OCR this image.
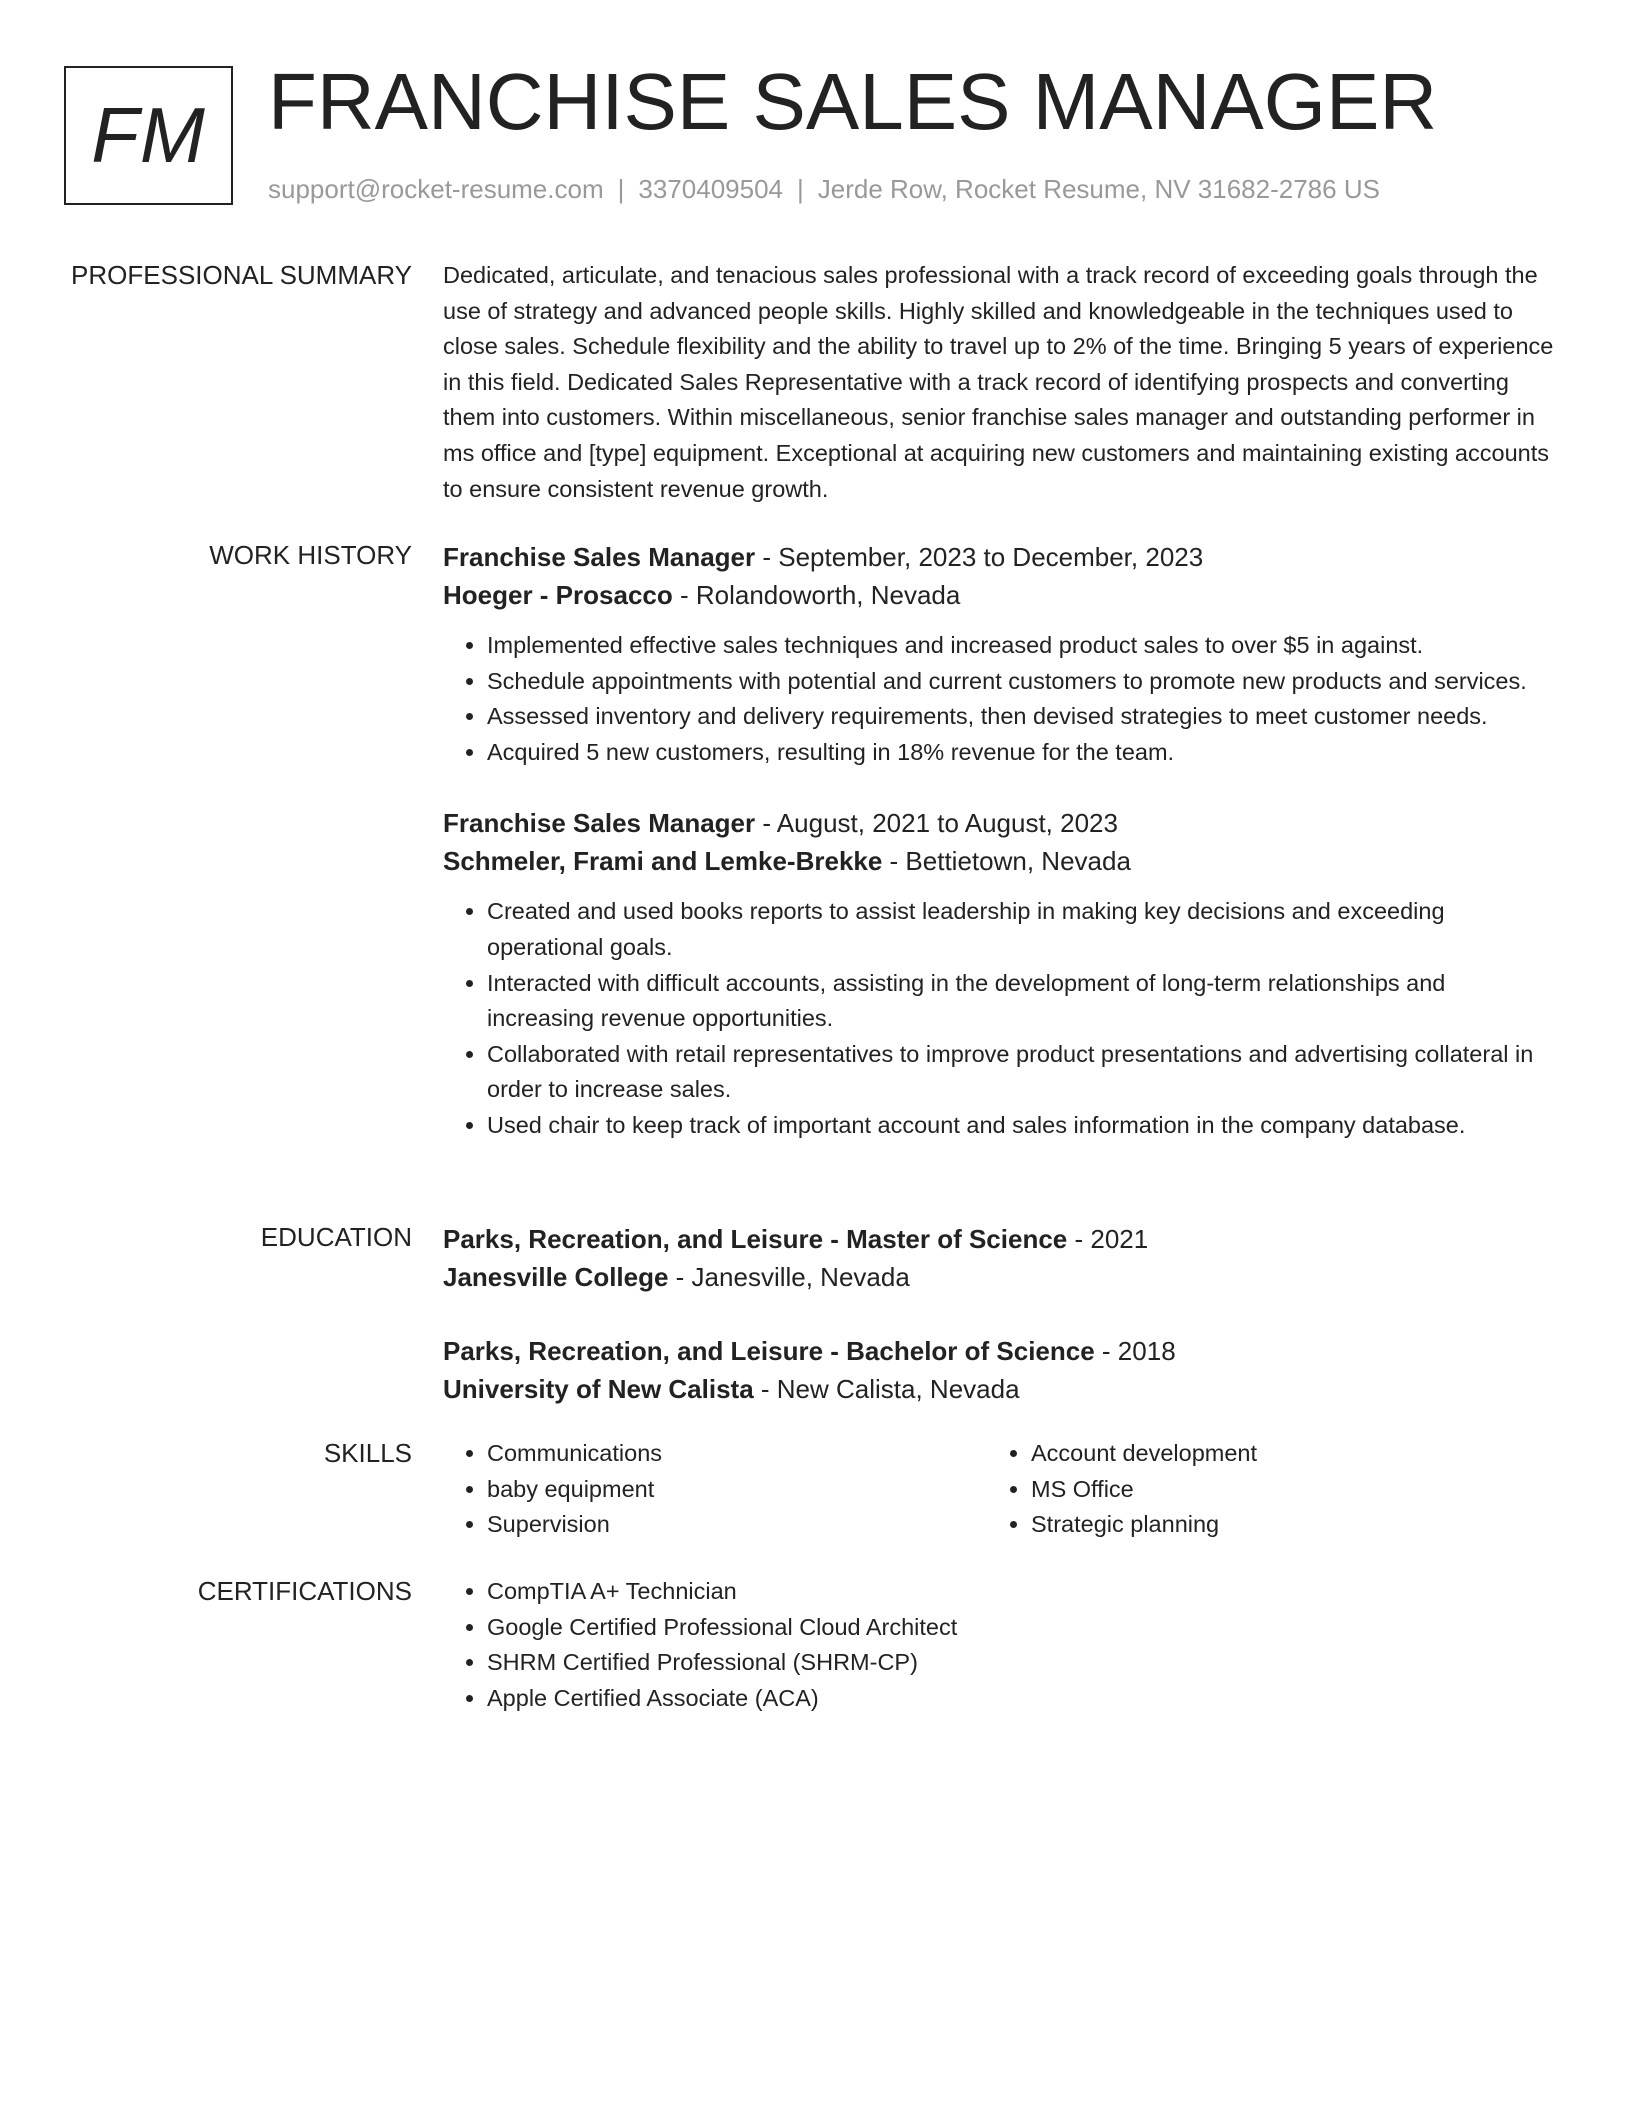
FM FRANCHISE SALES MANAGER
support@rocket-resume.com | 3370409504 | Jerde Row, Rocket Resume, NV 31682-2786 US
PROFESSIONAL SUMMARY Dedicated, articulate, and tenacious sales professional with a track record of exceeding goals through the use of strategy and advanced people skills. Highly skilled and knowledgeable in the techniques used to close sales. Schedule flexibility and the ability to travel up to 2% of the time. Bringing 5 years of experience in this field. Dedicated Sales Representative with a track record of identifying prospects and converting them into customers. Within miscellaneous, senior franchise sales manager and outstanding performer in ms office and [type] equipment. Exceptional at acquiring new customers and maintaining existing accounts to ensure consistent revenue growth.

WORK HISTORY Franchise Sales Manager - September, 2023 to December, 2023
Hoeger - Prosacco - Rolandoworth, Nevada
• Implemented effective sales techniques and increased product sales to over $5 in against.
• Schedule appointments with potential and current customers to promote new products and services.
• Assessed inventory and delivery requirements, then devised strategies to meet customer needs.
• Acquired 5 new customers, resulting in 18% revenue for the team.
Franchise Sales Manager - August, 2021 to August, 2023
Schmeler, Frami and Lemke-Brekke - Bettietown, Nevada
• Created and used books reports to assist leadership in making key decisions and exceeding operational goals.
• Interacted with difficult accounts, assisting in the development of long-term relationships and increasing revenue opportunities.
• Collaborated with retail representatives to improve product presentations and advertising collateral in order to increase sales.
• Used chair to keep track of important account and sales information in the company database.
EDUCATION Parks, Recreation, and Leisure - Master of Science - 2021
Janesville College - Janesville, Nevada
Parks, Recreation, and Leisure - Bachelor of Science - 2018
University of New Calista - New Calista, Nevada
SKILLS	• Communications
• baby equipment
• Supervision
• Account development
• MS Office
• Strategic planning
CERTIFICATIONS	• CompTIA A+ Technician
• Google Certified Professional Cloud Architect
• SHRM Certified Professional (SHRM-CP)
• Apple Certified Associate (ACA)
